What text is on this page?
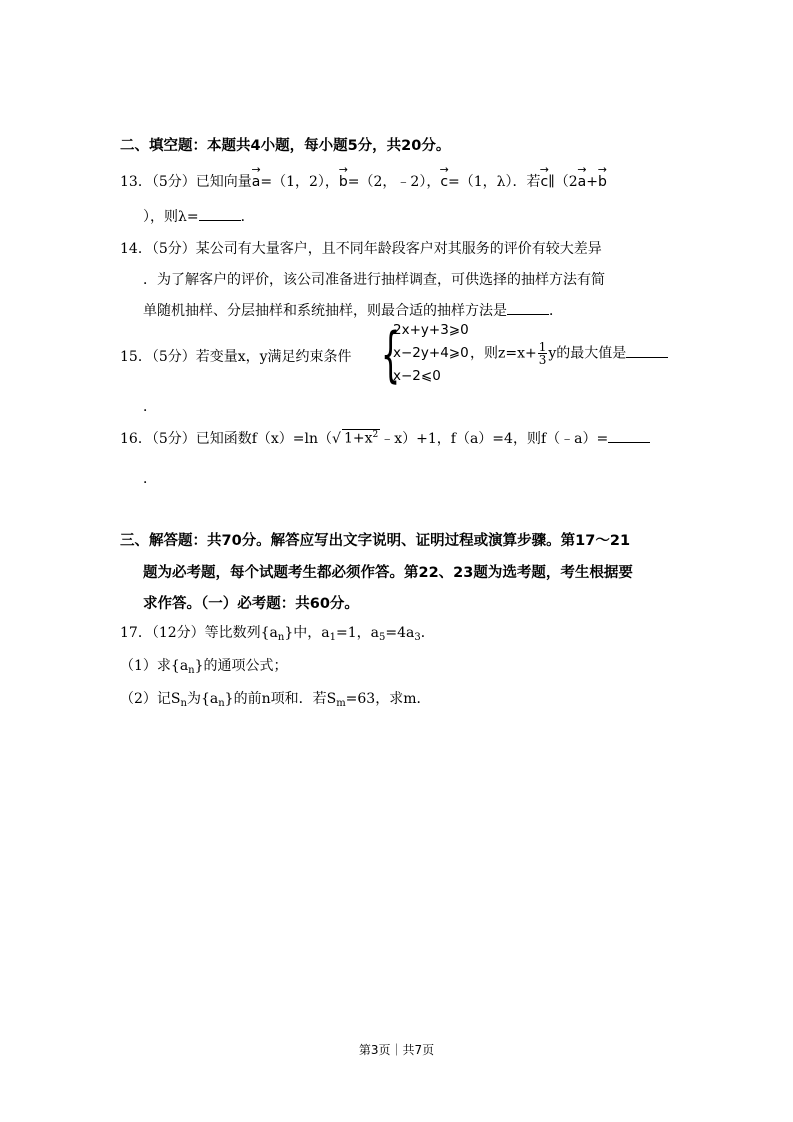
二、填空题：本题共4小题，每小题5分，共20分。
13．（5分）已知向量→ a=（1，2），→ b=（2，﹣2），→ c=（1，λ）．若→ c∥（2→ a+→ b
），则λ=	．
14．（5分）某公司有大量客户，且不同年龄段客户对其服务的评价有较大差异
．为了解客户的评价，该公司准备进行抽样调查，可供选择的抽样方法有简
单随机抽样、分层抽样和系统抽样，则最合适的抽样方法是	．
15．（5分）若变量x，y满足约束条件 {
2x+y+3⩾0
x−2y+4⩾0
x−2⩽0
，则$z=x+ \frac{1}{3}$ y的最大值是
．
16．（5分）已知函数f（x）=ln（√ $1+x^2$ ﹣x）+1，f（a）=4，则f（﹣a）=
．
三、解答题：共70分。解答应写出文字说明、证明过程或演算步骤。第17～21
题为必考题，每个试题考生都必须作答。第22、23题为选考题，考生根据要
求作答。（一）必考题：共60分。
17．（12分）等比数列$\{a_n\}$中，$a_1=1$，$a_5=4a_3$．
（1）求$\{a_n\}$的通项公式；
（2）记$S_n$为$\{a_n\}$的前n项和．若$S_m=63$，求m．
第3页｜共7页
